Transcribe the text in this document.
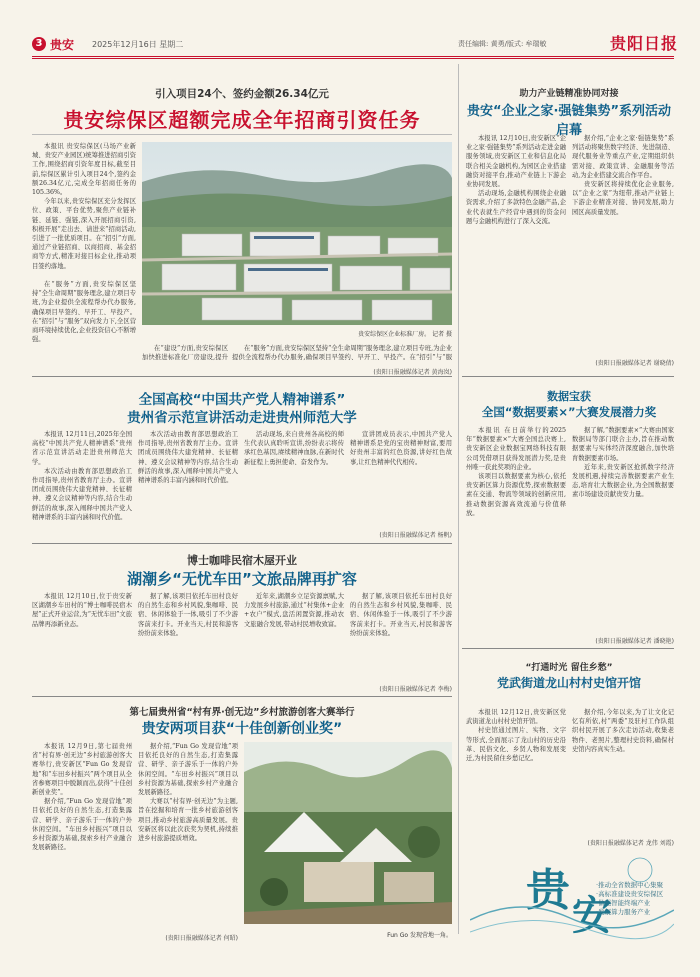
3 贵安 2025年12月16日 星期二	责任编辑: 黄勇/版式: 牟瑞敏	贵阳日报
引入项目24个、签约金额26.34亿元
贵安综保区超额完成全年招商引资任务

本报讯 贵安综保区(马场产业新城、贵安产业园区)统筹推进招商引资工作,围绕招商引资年度目标,截至目前,综保区累计引入项目24个,签约金额26.34亿元,完成全年招商任务的105.36%。

今年以来,贵安综保区充分发挥区位、政策、平台优势,聚焦产业链补链、延链、强链,深入开展招商引资,积极开展“走出去、请进来”招商活动,引进了一批优质项目。在“招引”方面,通过产业链招商、以商招商、基金招商等方式,精准对接目标企业,推动项目签约落地。

在“服务”方面,贵安综保区坚持“全生命周期”服务理念,建立项目专班,为企业提供全流程帮办代办服务,确保项目早签约、早开工、早投产。在“招引”与“服务”双向发力下,全区营商环境持续优化,企业投资信心不断增强。

贵安综保区企业标准厂房。 记者 摄

在“建设”方面,贵安综保区加快推进标准化厂房建设,提升

在“服务”方面,贵安综保区坚持“全生命周期”服务理念,建立项目专班,为企业提供全流程帮办代办服务,确保项目早签约、早开工、早投产。在“招引”与“服

(贵阳日报融媒体记者 黄海岚)
助力产业链精准协同对接
贵安“企业之家·强链集势”系列活动启幕

本报讯 12月10日,贵安新区“企业之家·强链集势”系列活动走进金融服务领域,贵安新区工业和信息化局联合相关金融机构,为园区企业搭建融资对接平台,推动产业链上下游企业协同发展。

活动现场,金融机构围绕企业融资需求,介绍了多款特色金融产品,企业代表就生产经营中遇到的资金问题与金融机构进行了深入交流。

据介绍,“企业之家·强链集势”系列活动将聚焦数字经济、先进制造、现代服务业等重点产业,定期组织供需对接、政策宣讲、金融服务等活动,为企业搭建交流合作平台。

贵安新区将持续优化企业服务,以“企业之家”为纽带,推动产业链上下游企业精准对接、协同发展,助力园区高质量发展。

(贵阳日报融媒体记者 谢晓倩)
全国高校“中国共产党人精神谱系”
贵州省示范宣讲活动走进贵州师范大学

本报讯 12月11日,2025年全国高校“中国共产党人精神谱系”贵州省示范宣讲活动走进贵州师范大学。

本次活动由教育部思想政治工作司指导,贵州省教育厅主办。宣讲团成员围绕伟大建党精神、长征精神、遵义会议精神等内容,结合生动鲜活的故事,深入阐释中国共产党人精神谱系的丰富内涵和时代价值。

本次活动由教育部思想政治工作司指导,贵州省教育厅主办。宣讲团成员围绕伟大建党精神、长征精神、遵义会议精神等内容,结合生动鲜活的故事,深入阐释中国共产党人精神谱系的丰富内涵和时代价值。

活动现场,来自贵州各高校的师生代表认真聆听宣讲,纷纷表示将传承红色基因,赓续精神血脉,在新时代新征程上勇担使命、奋发作为。

宣讲团成员表示,中国共产党人精神谱系是党的宝贵精神财富,要用好贵州丰富的红色资源,讲好红色故事,让红色精神代代相传。

(贵阳日报融媒体记者 杨帆)
数据宝获
全国“数据要素×”大赛发展潜力奖

本报讯 在日前举行的2025年“数据要素×”大赛全国总决赛上,贵安新区企业数据宝网络科技有限公司凭借项目获得发展潜力奖,是贵州唯一获此奖项的企业。

该项目以数据要素为核心,依托贵安新区算力资源优势,探索数据要素在交通、物流等领域的创新应用,推动数据资源高效流通与价值释放。

据了解,“数据要素×”大赛由国家数据局等部门联合主办,旨在推动数据要素与实体经济深度融合,加快培育数据要素市场。

近年来,贵安新区抢抓数字经济发展机遇,持续完善数据要素产业生态,培育壮大数据企业,为全国数据要素市场建设贡献贵安力量。

(贵阳日报融媒体记者 潘晓艳)
博士咖啡民宿木屋开业
湖潮乡“无忧车田”文旅品牌再扩容

本报讯 12月10日,位于贵安新区湖潮乡车田村的“博士咖啡民宿木屋”正式开业运营,为“无忧车田”文旅品牌再添新业态。

据了解,该项目依托车田村良好的自然生态和乡村风貌,集咖啡、民宿、休闲体验于一体,吸引了不少游客前来打卡。开业当天,村民和游客纷纷前来体验。

近年来,湖潮乡立足资源禀赋,大力发展乡村旅游,通过“村集体+企业+农户”模式,盘活闲置资源,推动农文旅融合发展,带动村民增收致富。

据了解,该项目依托车田村良好的自然生态和乡村风貌,集咖啡、民宿、休闲体验于一体,吸引了不少游客前来打卡。开业当天,村民和游客纷纷前来体验。

(贵阳日报融媒体记者 李梅)
“打通时光 留住乡愁”
党武街道龙山村村史馆开馆

本报讯 12月12日,贵安新区党武街道龙山村村史馆开馆。

村史馆通过图片、实物、文字等形式,全面展示了龙山村的历史沿革、民俗文化、乡贤人物和发展变迁,为村民留住乡愁记忆。

据介绍,今年以来,为了让文化记忆有所依,村“两委”及驻村工作队组织村民开展了多次走访活动,收集老物件、老照片,整理村史资料,确保村史馆内容真实生动。

(贵阳日报融媒体记者 龙伟 刘霞)
第七届贵州省“村有界·创无边”乡村旅游创客大赛举行
贵安两项目获“十佳创新创业奖”

本报讯 12月9日,第七届贵州省“村有界·创无边”乡村旅游创客大赛举行,贵安新区“Fun Go 发现营地”和“车田乡村振兴”两个项目从全省参赛项目中脱颖而出,获得“十佳创新创业奖”。

据介绍,“Fun Go 发现营地”项目依托良好的自然生态,打造集露营、研学、亲子游乐于一体的户外休闲空间。“车田乡村振兴”项目以乡村资源为基础,探索乡村产业融合发展新路径。

据介绍,“Fun Go 发现营地”项目依托良好的自然生态,打造集露营、研学、亲子游乐于一体的户外休闲空间。“车田乡村振兴”项目以乡村资源为基础,探索乡村产业融合发展新路径。

大赛以“村有界·创无边”为主题,旨在挖掘和培育一批乡村旅游创客项目,推动乡村旅游高质量发展。贵安新区将以此次获奖为契机,持续推进乡村旅游提质增效。

(贵阳日报融媒体记者 何昭)	Fun Go 发现营地一角。
贵 安
·推动全省数据中心集聚
·高标准建设贵安综保区
·做强智能终端产业
·发展算力服务产业
